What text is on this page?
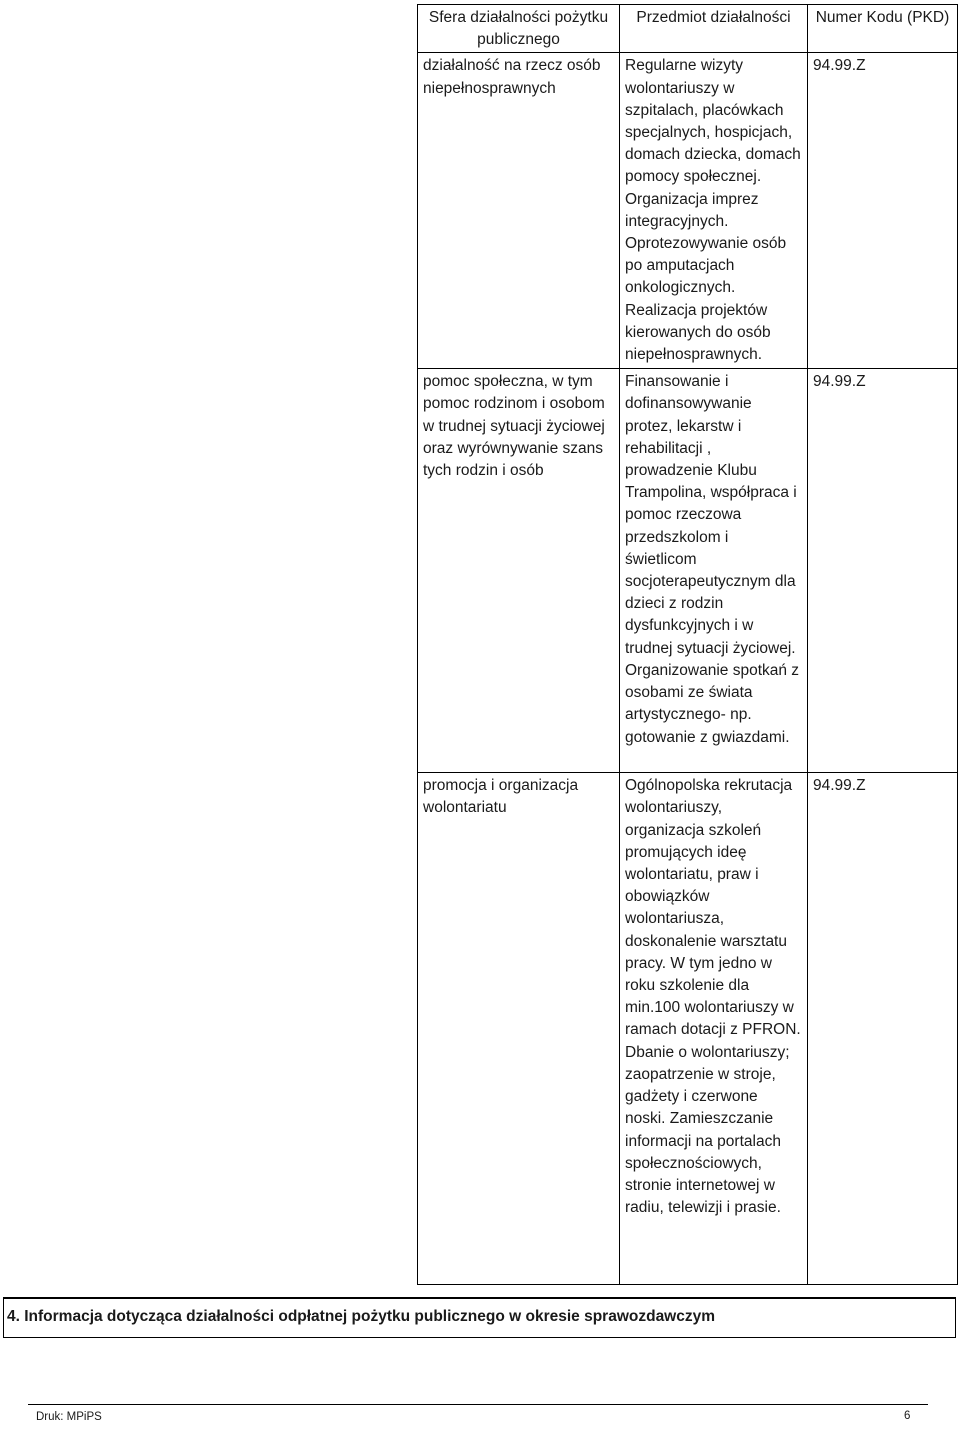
Sfera działalności pożytku publicznego	Przedmiot działalności	Numer Kodu (PKD)
działalność na rzecz osób niepełnosprawnych	Regularne wizyty wolontariuszy w szpitalach, placówkach specjalnych, hospicjach, domach dziecka, domach pomocy społecznej. Organizacja imprez integracyjnych. Oprotezowywanie osób po amputacjach onkologicznych. Realizacja projektów kierowanych do osób niepełnosprawnych.	94.99.Z

pomoc społeczna, w tym pomoc rodzinom i osobom w trudnej sytuacji życiowej oraz wyrównywanie szans tych rodzin i osób	Finansowanie i dofinansowywanie protez, lekarstw i rehabilitacji , prowadzenie Klubu Trampolina, współpraca i pomoc rzeczowa przedszkolom i świetlicom socjoterapeutycznym dla dzieci z rodzin dysfunkcyjnych i w trudnej sytuacji życiowej. Organizowanie spotkań z osobami ze świata artystycznego- np. gotowanie z gwiazdami.	94.99.Z

promocja i organizacja wolontariatu	Ogólnopolska rekrutacja wolontariuszy, organizacja szkoleń promujących ideę wolontariatu, praw i obowiązków wolontariusza, doskonalenie warsztatu pracy. W tym jedno w roku szkolenie dla min.100 wolontariuszy w ramach dotacji z PFRON. Dbanie o wolontariuszy; zaopatrzenie w stroje, gadżety i czerwone noski. Zamieszczanie informacji na portalach społecznościowych, stronie internetowej w radiu, telewizji i prasie.	94.99.Z
4. Informacja dotycząca działalności odpłatnej pożytku publicznego w okresie sprawozdawczym
Druk: MPiPS	6
